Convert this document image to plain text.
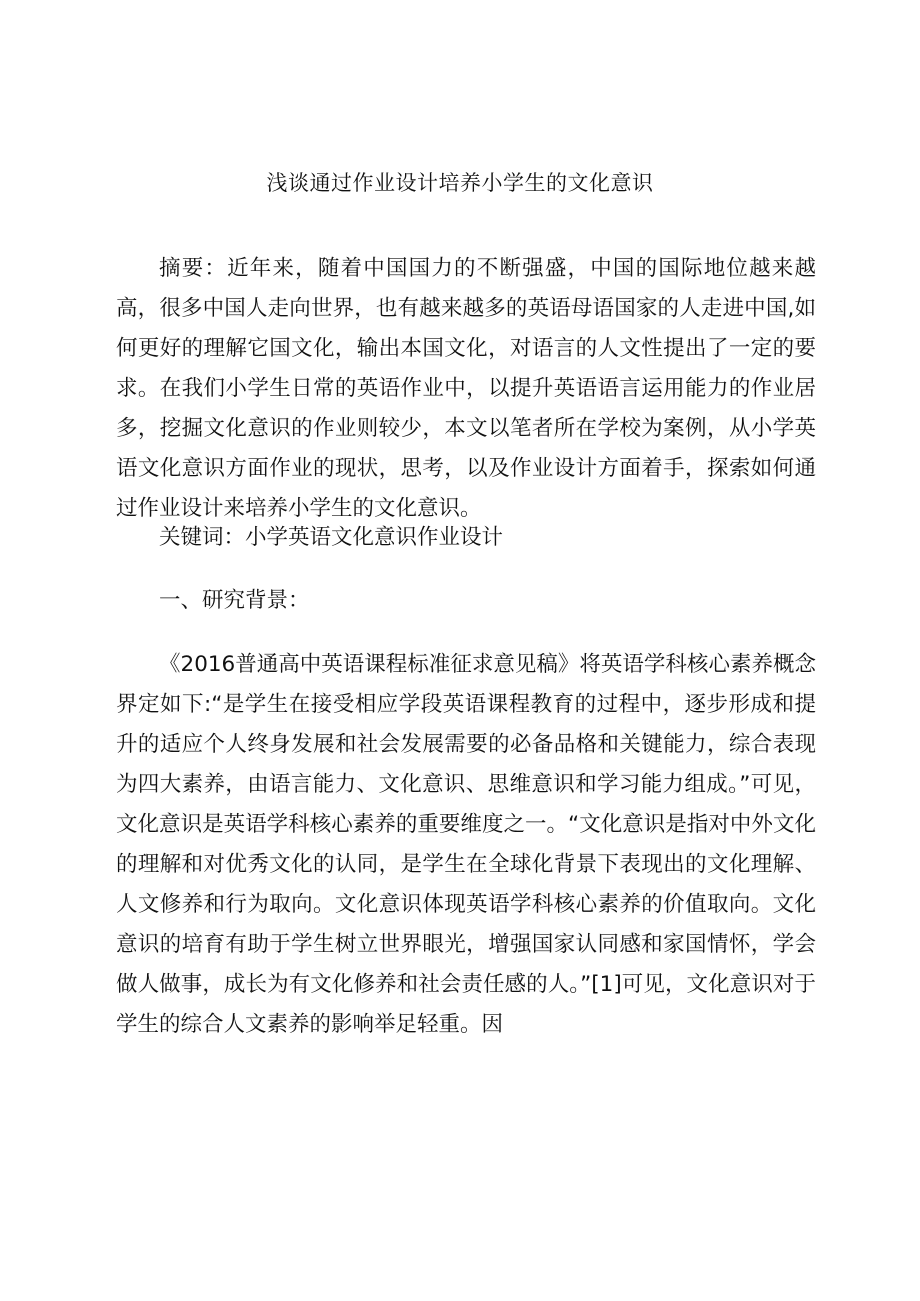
浅谈通过作业设计培养小学生的文化意识
摘要：近年来，随着中国国力的不断强盛，中国的国际地位越来越高，很多中国人走向世界，也有越来越多的英语母语国家的人走进中国,如何更好的理解它国文化，输出本国文化，对语言的人文性提出了一定的要求。在我们小学生日常的英语作业中，以提升英语语言运用能力的作业居多，挖掘文化意识的作业则较少，本文以笔者所在学校为案例，从小学英语文化意识方面作业的现状，思考，以及作业设计方面着手，探索如何通过作业设计来培养小学生的文化意识。
关键词：小学英语文化意识作业设计
一、研究背景：
《2016普通高中英语课程标准征求意见稿》将英语学科核心素养概念界定如下:“是学生在接受相应学段英语课程教育的过程中，逐步形成和提升的适应个人终身发展和社会发展需要的必备品格和关键能力，综合表现为四大素养，由语言能力、文化意识、思维意识和学习能力组成。”可见，文化意识是英语学科核心素养的重要维度之一。“文化意识是指对中外文化的理解和对优秀文化的认同，是学生在全球化背景下表现出的文化理解、人文修养和行为取向。文化意识体现英语学科核心素养的价值取向。文化意识的培育有助于学生树立世界眼光，增强国家认同感和家国情怀，学会做人做事，成长为有文化修养和社会责任感的人。”[1]可见，文化意识对于学生的综合人文素养的影响举足轻重。因
